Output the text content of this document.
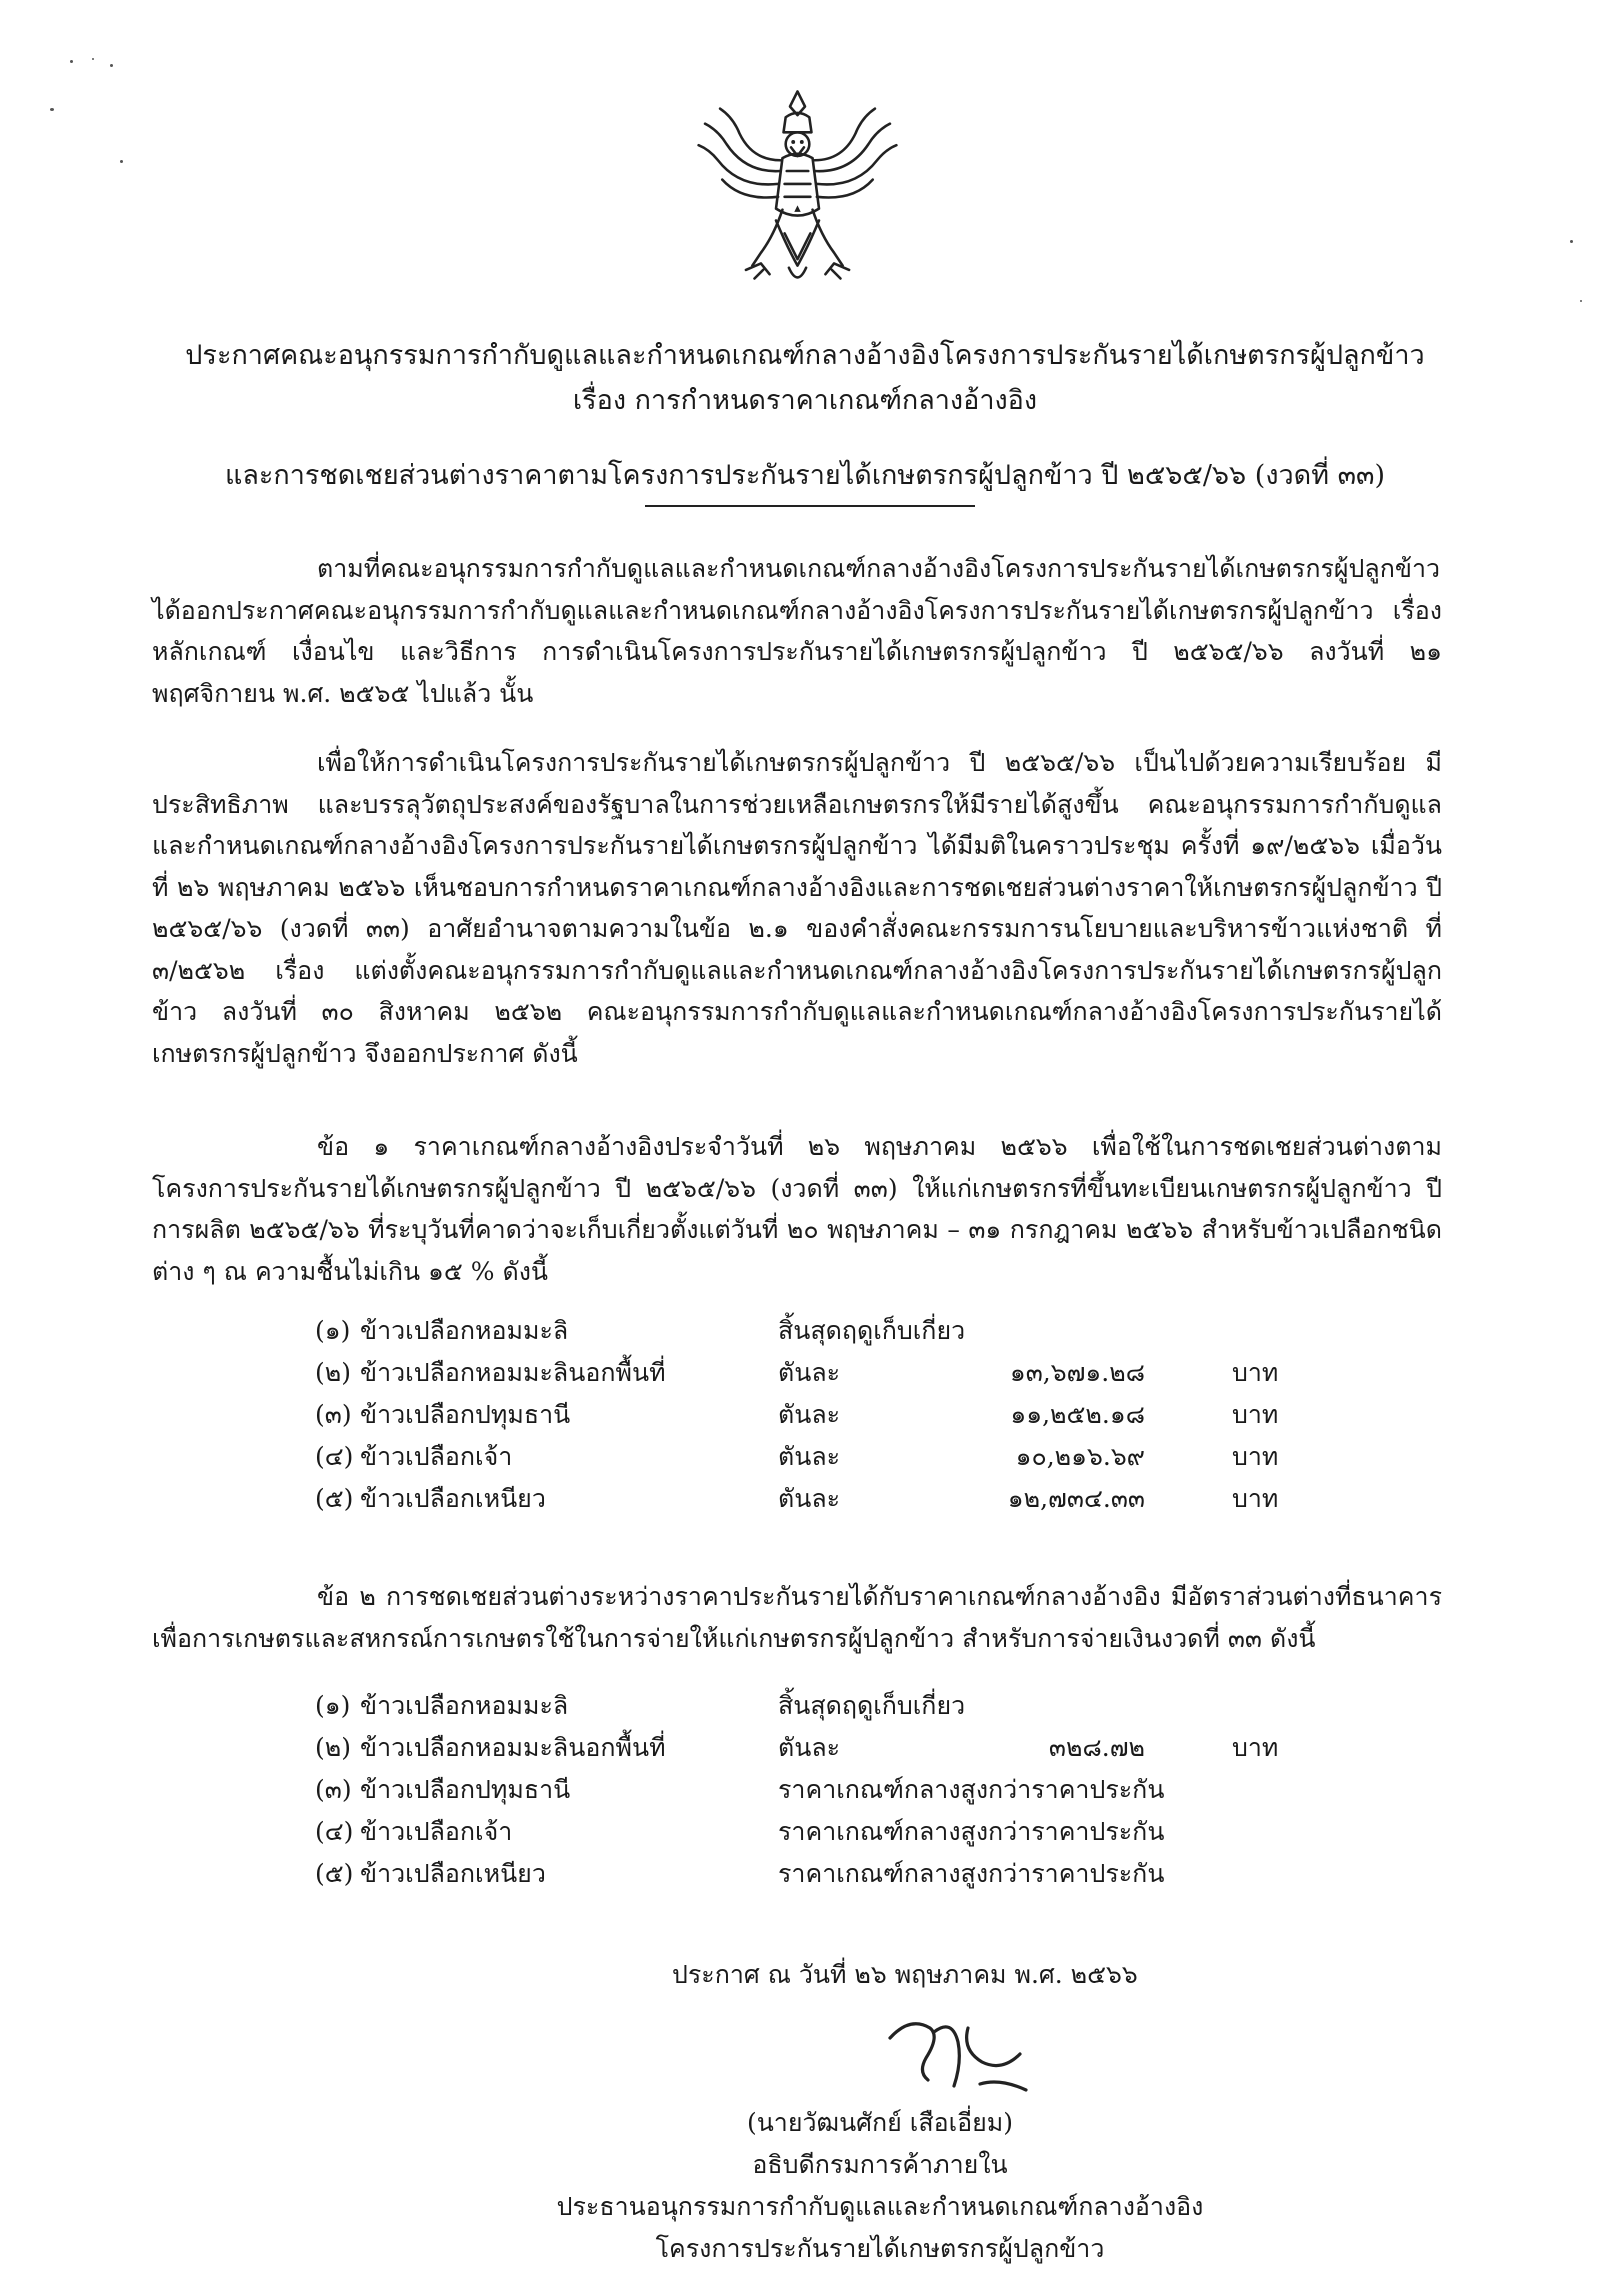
ประกาศคณะอนุกรรมการกำกับดูแลและกำหนดเกณฑ์กลางอ้างอิงโครงการประกันรายได้เกษตรกรผู้ปลูกข้าว
เรื่อง การกำหนดราคาเกณฑ์กลางอ้างอิง
และการชดเชยส่วนต่างราคาตามโครงการประกันรายได้เกษตรกรผู้ปลูกข้าว ปี ๒๕๖๕/๖๖ (งวดที่ ๓๓)

ตามที่คณะอนุกรรมการกำกับดูแลและกำหนดเกณฑ์กลางอ้างอิงโครงการประกันรายได้เกษตรกรผู้ปลูกข้าว ได้ออกประกาศคณะอนุกรรมการกำกับดูแลและกำหนดเกณฑ์กลางอ้างอิงโครงการประกันรายได้เกษตรกรผู้ปลูกข้าว เรื่อง หลักเกณฑ์ เงื่อนไข และวิธีการ การดำเนินโครงการประกันรายได้เกษตรกรผู้ปลูกข้าว ปี ๒๕๖๕/๖๖ ลงวันที่ ๒๑ พฤศจิกายน พ.ศ. ๒๕๖๕ ไปแล้ว นั้น

เพื่อให้การดำเนินโครงการประกันรายได้เกษตรกรผู้ปลูกข้าว ปี ๒๕๖๕/๖๖ เป็นไปด้วยความเรียบร้อย มีประสิทธิภาพ และบรรลุวัตถุประสงค์ของรัฐบาลในการช่วยเหลือเกษตรกรให้มีรายได้สูงขึ้น คณะอนุกรรมการกำกับดูแลและกำหนดเกณฑ์กลางอ้างอิงโครงการประกันรายได้เกษตรกรผู้ปลูกข้าว ได้มีมติในคราวประชุม ครั้งที่ ๑๙/๒๕๖๖ เมื่อวันที่ ๒๖ พฤษภาคม ๒๕๖๖ เห็นชอบการกำหนดราคาเกณฑ์กลางอ้างอิงและการชดเชยส่วนต่างราคาให้เกษตรกรผู้ปลูกข้าว ปี ๒๕๖๕/๖๖ (งวดที่ ๓๓) อาศัยอำนาจตามความในข้อ ๒.๑ ของคำสั่งคณะกรรมการนโยบายและบริหารข้าวแห่งชาติ ที่ ๓/๒๕๖๒ เรื่อง แต่งตั้งคณะอนุกรรมการกำกับดูแลและกำหนดเกณฑ์กลางอ้างอิงโครงการประกันรายได้เกษตรกรผู้ปลูกข้าว ลงวันที่ ๓๐ สิงหาคม ๒๕๖๒ คณะอนุกรรมการกำกับดูแลและกำหนดเกณฑ์กลางอ้างอิงโครงการประกันรายได้เกษตรกรผู้ปลูกข้าว จึงออกประกาศ ดังนี้

ข้อ ๑ ราคาเกณฑ์กลางอ้างอิงประจำวันที่ ๒๖ พฤษภาคม ๒๕๖๖ เพื่อใช้ในการชดเชยส่วนต่างตามโครงการประกันรายได้เกษตรกรผู้ปลูกข้าว ปี ๒๕๖๕/๖๖ (งวดที่ ๓๓) ให้แก่เกษตรกรที่ขึ้นทะเบียนเกษตรกรผู้ปลูกข้าว ปีการผลิต ๒๕๖๕/๖๖ ที่ระบุวันที่คาดว่าจะเก็บเกี่ยวตั้งแต่วันที่ ๒๐ พฤษภาคม – ๓๑ กรกฎาคม ๒๕๖๖ สำหรับข้าวเปลือกชนิดต่าง ๆ ณ ความชื้นไม่เกิน ๑๕ % ดังนี้

(๑) ข้าวเปลือกหอมมะลิ	สิ้นสุดฤดูเก็บเกี่ยว
(๒) ข้าวเปลือกหอมมะลินอกพื้นที่	ตันละ	๑๓,๖๗๑.๒๘	บาท
(๓) ข้าวเปลือกปทุมธานี	ตันละ	๑๑,๒๕๒.๑๘	บาท
(๔) ข้าวเปลือกเจ้า	ตันละ	๑๐,๒๑๖.๖๙	บาท
(๕) ข้าวเปลือกเหนียว	ตันละ	๑๒,๗๓๔.๓๓	บาท

ข้อ ๒ การชดเชยส่วนต่างระหว่างราคาประกันรายได้กับราคาเกณฑ์กลางอ้างอิง มีอัตราส่วนต่างที่ธนาคารเพื่อการเกษตรและสหกรณ์การเกษตรใช้ในการจ่ายให้แก่เกษตรกรผู้ปลูกข้าว สำหรับการจ่ายเงินงวดที่ ๓๓ ดังนี้

(๑) ข้าวเปลือกหอมมะลิ	สิ้นสุดฤดูเก็บเกี่ยว
(๒) ข้าวเปลือกหอมมะลินอกพื้นที่	ตันละ	๓๒๘.๗๒	บาท
(๓) ข้าวเปลือกปทุมธานี	ราคาเกณฑ์กลางสูงกว่าราคาประกัน
(๔) ข้าวเปลือกเจ้า	ราคาเกณฑ์กลางสูงกว่าราคาประกัน
(๕) ข้าวเปลือกเหนียว	ราคาเกณฑ์กลางสูงกว่าราคาประกัน
ประกาศ ณ วันที่ ๒๖ พฤษภาคม พ.ศ. ๒๕๖๖
(นายวัฒนศักย์ เสือเอี่ยม)
อธิบดีกรมการค้าภายใน
ประธานอนุกรรมการกำกับดูแลและกำหนดเกณฑ์กลางอ้างอิง
โครงการประกันรายได้เกษตรกรผู้ปลูกข้าว
